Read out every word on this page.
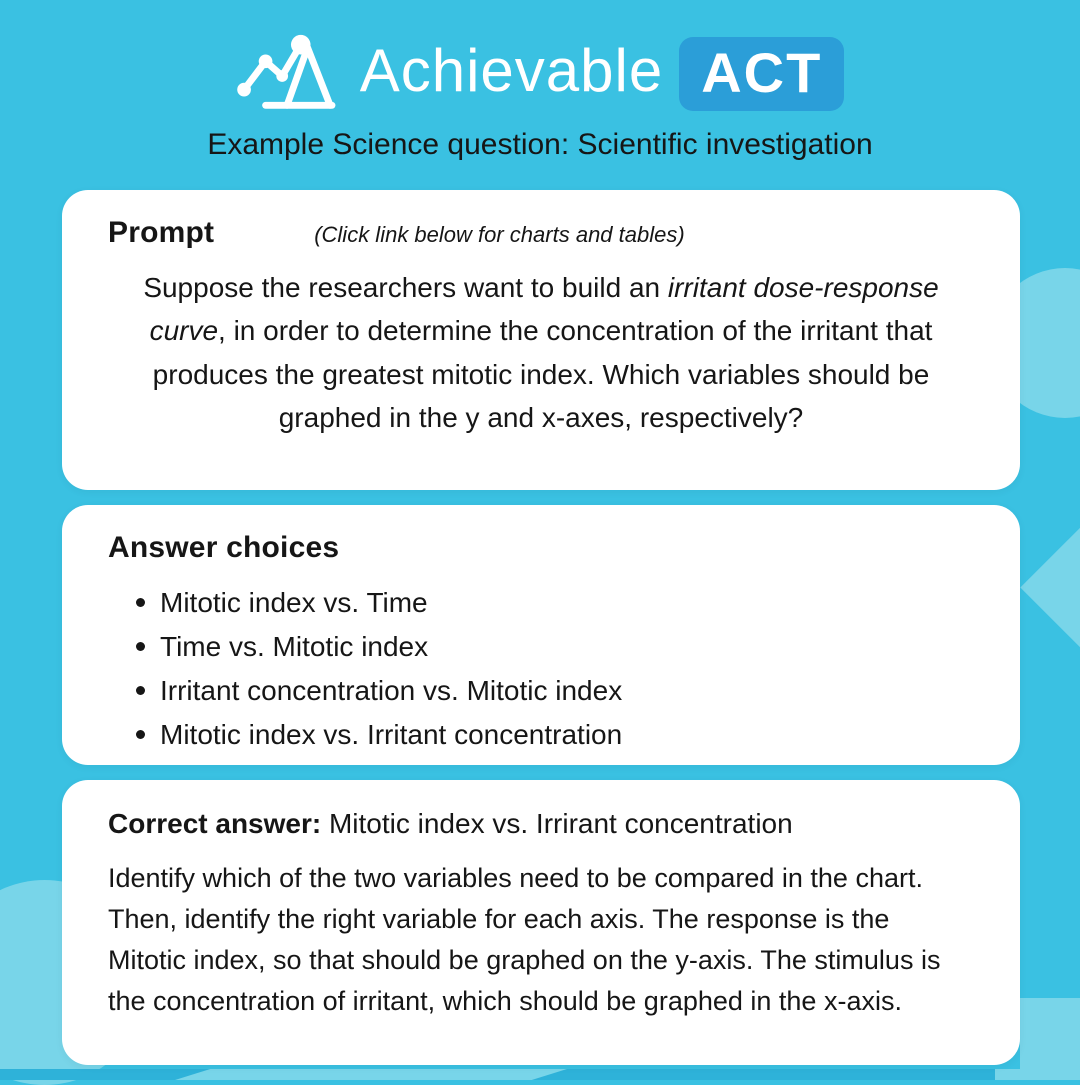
Achievable ACT
Example Science question: Scientific investigation
Prompt	(Click link below for charts and tables)
Suppose the researchers want to build an irritant dose-response curve, in order to determine the concentration of the irritant that produces the greatest mitotic index. Which variables should be graphed in the y and x-axes, respectively?
Answer choices
Mitotic index vs. Time
Time vs. Mitotic index
Irritant concentration vs. Mitotic index
Mitotic index vs. Irritant concentration
Correct answer: Mitotic index vs. Irrirant concentration
Identify which of the two variables need to be compared in the chart. Then, identify the right variable for each axis. The response is the Mitotic index, so that should be graphed on the y-axis. The stimulus is the concentration of irritant, which should be graphed in the x-axis.
